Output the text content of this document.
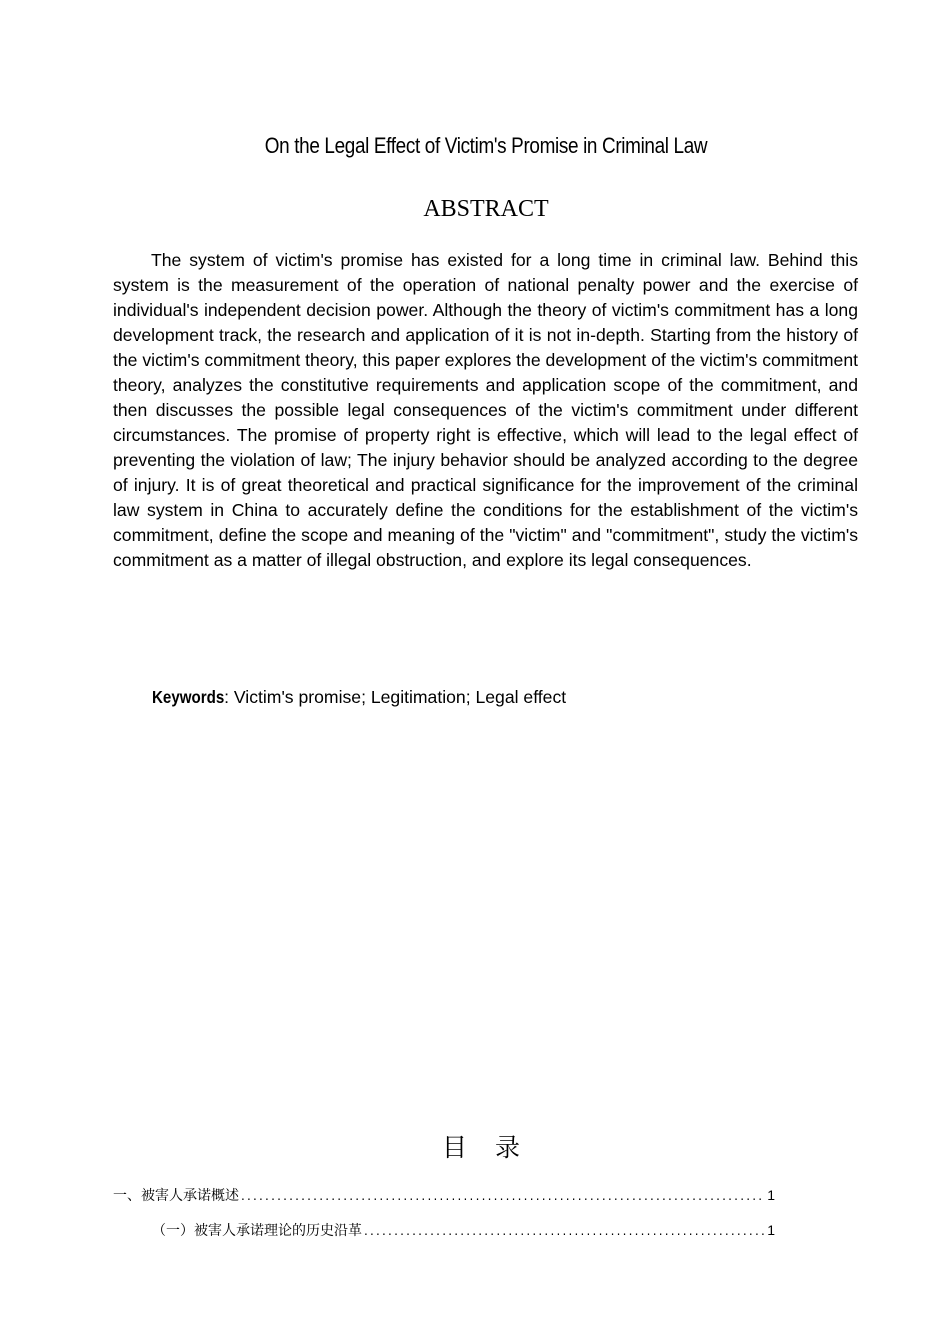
On the Legal Effect of Victim's Promise in Criminal Law
ABSTRACT

The system of victim's promise has existed for a long time in criminal law. Behind this system is the measurement of the operation of national penalty power and the exercise of individual's independent decision power. Although the theory of victim's commitment has a long development track, the research and application of it is not in-depth. Starting from the history of the victim's commitment theory, this paper explores the development of the victim's commitment theory, analyzes the constitutive requirements and application scope of the commitment, and then discusses the possible legal consequences of the victim's commitment under different circumstances. The promise of property right is effective, which will lead to the legal effect of preventing the violation of law; The injury behavior should be analyzed according to the degree of injury. It is of great theoretical and practical significance for the improvement of the criminal law system in China to accurately define the conditions for the establishment of the victim's commitment, define the scope and meaning of the "victim" and "commitment", study the victim's commitment as a matter of illegal obstruction, and explore its legal consequences.

Keywords: Victim's promise; Legitimation; Legal effect
目 录
一、被害人承诺概述 .....	1
（一）被害人承诺理论的历史沿革 .....	1
